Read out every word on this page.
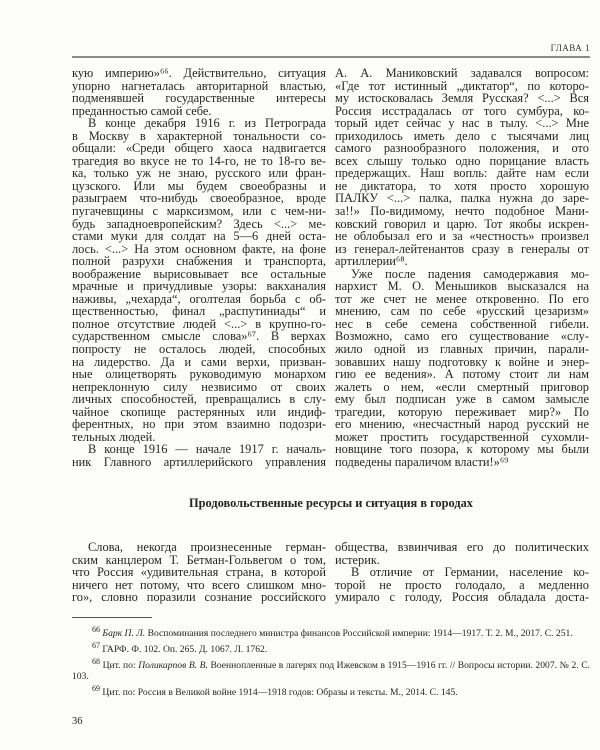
ГЛАВА 1
кую империю»⁶⁶. Действительно, ситуация
упорно нагнеталась авторитарной властью,
подменявшей государственные интересы
преданностью самой себе.
В конце декабря 1916 г. из Петрограда
в Москву в характерной тональности со-
общали: «Среди общего хаоса надвигается
трагедия во вкусе не то 14-го, не то 18-го ве-
ка, только уж не знаю, русского или фран-
цузского. Или мы будем своеобразны и
разыграем что-нибудь своеобразное, вроде
пугачевщины с марксизмом, или с чем-ни-
будь западноевропейским? Здесь <...> ме-
стами муки для солдат на 5—6 дней оста-
лось. <...> На этом основном факте, на фоне
полной разрухи снабжения и транспорта,
воображение вырисовывает все остальные
мрачные и причудливые узоры: вакханалия
наживы, „чехарда“, оголтелая борьба с об-
щественностью, финал „распутиниады“ и
полное отсутствие людей <...> в крупно-го-
сударственном смысле слова»⁶⁷. В верхах
попросту не осталось людей, способных
на лидерство. Да и сами верхи, призван-
ные олицетворять руководимую монархом
непреклонную силу незвисимо от своих
личных способностей, превращались в слу-
чайное скопище растерянных или индиф-
ферентных, но при этом взаимно подозри-
тельных людей.
В конце 1916 — начале 1917 г. началь-
ник Главного артиллерийского управления
А. А. Маниковский задавался вопросом:
«Где тот истинный „диктатор“, по которо-
му истосковалась Земля Русская? <...> Вся
Россия исстрадалась от того сумбура, ко-
торый идет сейчас у нас в тылу. <...> Мне
приходилось иметь дело с тысячами лиц
самого разнообразного положения, и ото
всех слышу только одно порицание власть
предержащих. Наш вопль: дайте нам если
не диктатора, то хотя просто хорошую
ПАЛКУ <...> палка, палка нужна до заре-
за!!» По-видимому, нечто подобное Мани-
ковский говорил и царю. Тот якобы искрен-
не облобызал его и за «честность» произвел
из генерал-лейтенантов сразу в генералы от
артиллерии⁶⁸.
Уже после падения самодержавия мо-
нархист М. О. Меньшиков высказался на
тот же счет не менее откровенно. По его
мнению, сам по себе «русский цезаризм»
нес в себе семена собственной гибели.
Возможно, само его существование «слу-
жило одной из главных причин, парали-
зовавших нашу подготовку к войне и энер-
гию ее ведения». А потому стоит ли нам
жалеть о нем, «если смертный приговор
ему был подписан уже в самом замысле
трагедии, которую переживает мир?» По
его мнению, «несчастный народ русский не
может простить государственной сухомли-
новщине того позора, к которому мы были
подведены параличом власти!»⁶⁹
Продовольственные ресурсы и ситуация в городах
Слова, некогда произнесенные герман-
ским канцлером Т. Бетман-Гольвегом о том,
что Россия «удивительная страна, в которой
ничего нет потому, что всего слишком мно-
го», словно поразили сознание российского
общества, взвинчивая его до политических
истерик.
В отличие от Германии, население ко-
торой не просто голодало, а медленно
умирало с голоду, Россия обладала доста-
$^{66}$ Барк П. Л. Воспоминания последнего министра финансов Российской империи: 1914—1917. Т. 2. М., 2017. С. 251.
$^{67}$ ГАРФ. Ф. 102. Оп. 265. Д. 1067. Л. 1762.
$^{68}$ Цит. по: Поликарпов В. В. Военнопленные в лагерях под Ижевском в 1915—1916 гг. // Вопросы истории. 2007. № 2. С. 103.
$^{69}$ Цит. по: Россия в Великой войне 1914—1918 годов: Образы и тексты. М., 2014. С. 145.
36
